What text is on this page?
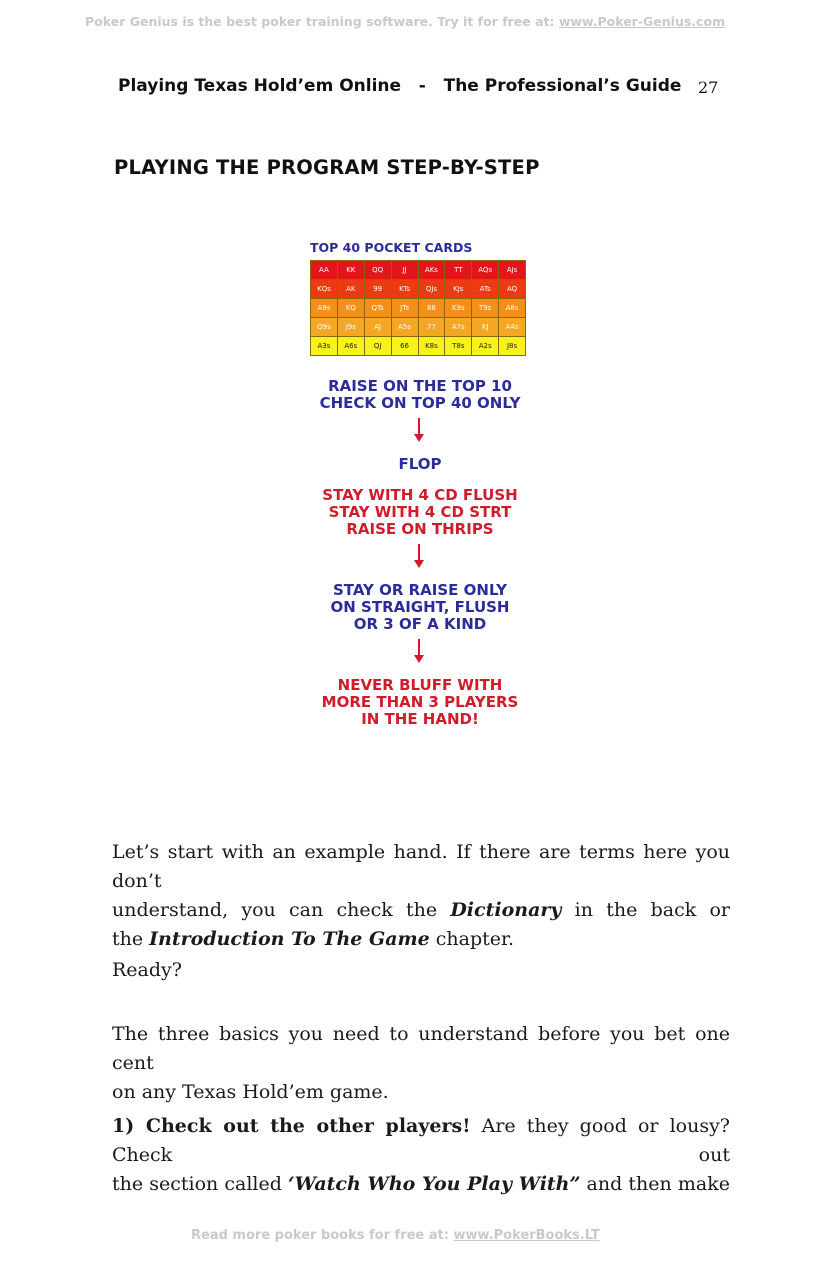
Poker Genius is the best poker training software. Try it for free at: www.Poker-Genius.com
Playing Texas Hold’em Online   -   The Professional’s Guide 27
PLAYING THE PROGRAM STEP-BY-STEP
TOP 40 POCKET CARDS
AA	KK	QQ	JJ	AKs	TT	AQs	AJs
KQs	AK	99	KTs	QJs	KJs	ATs	AQ
A9s	KQ	QTs	JTs	88	K9s	T9s	A8s
Q9s	J9s	AJ	A5s	77	A7s	KJ	A4s
A3s	A6s	QJ	66	K8s	T8s	A2s	J8s
RAISE ON THE TOP 10
CHECK ON TOP 40 ONLY
FLOP
STAY WITH 4 CD FLUSH
STAY WITH 4 CD STRT
RAISE ON THRIPS
STAY OR RAISE ONLY
ON STRAIGHT, FLUSH
OR 3 OF A KIND
NEVER BLUFF WITH
MORE THAN 3 PLAYERS
IN THE HAND!
Let’s start with an example hand. If there are terms here you don’t
understand, you can check the Dictionary in the back or
the Introduction To The Game chapter.
Ready?
The three basics you need to understand before you bet one cent
on any Texas Hold’em game.
1) Check out the other players! Are they good or lousy? Check out
the section called ‘Watch Who You Play With” and then make
Read more poker books for free at: www.PokerBooks.LT
